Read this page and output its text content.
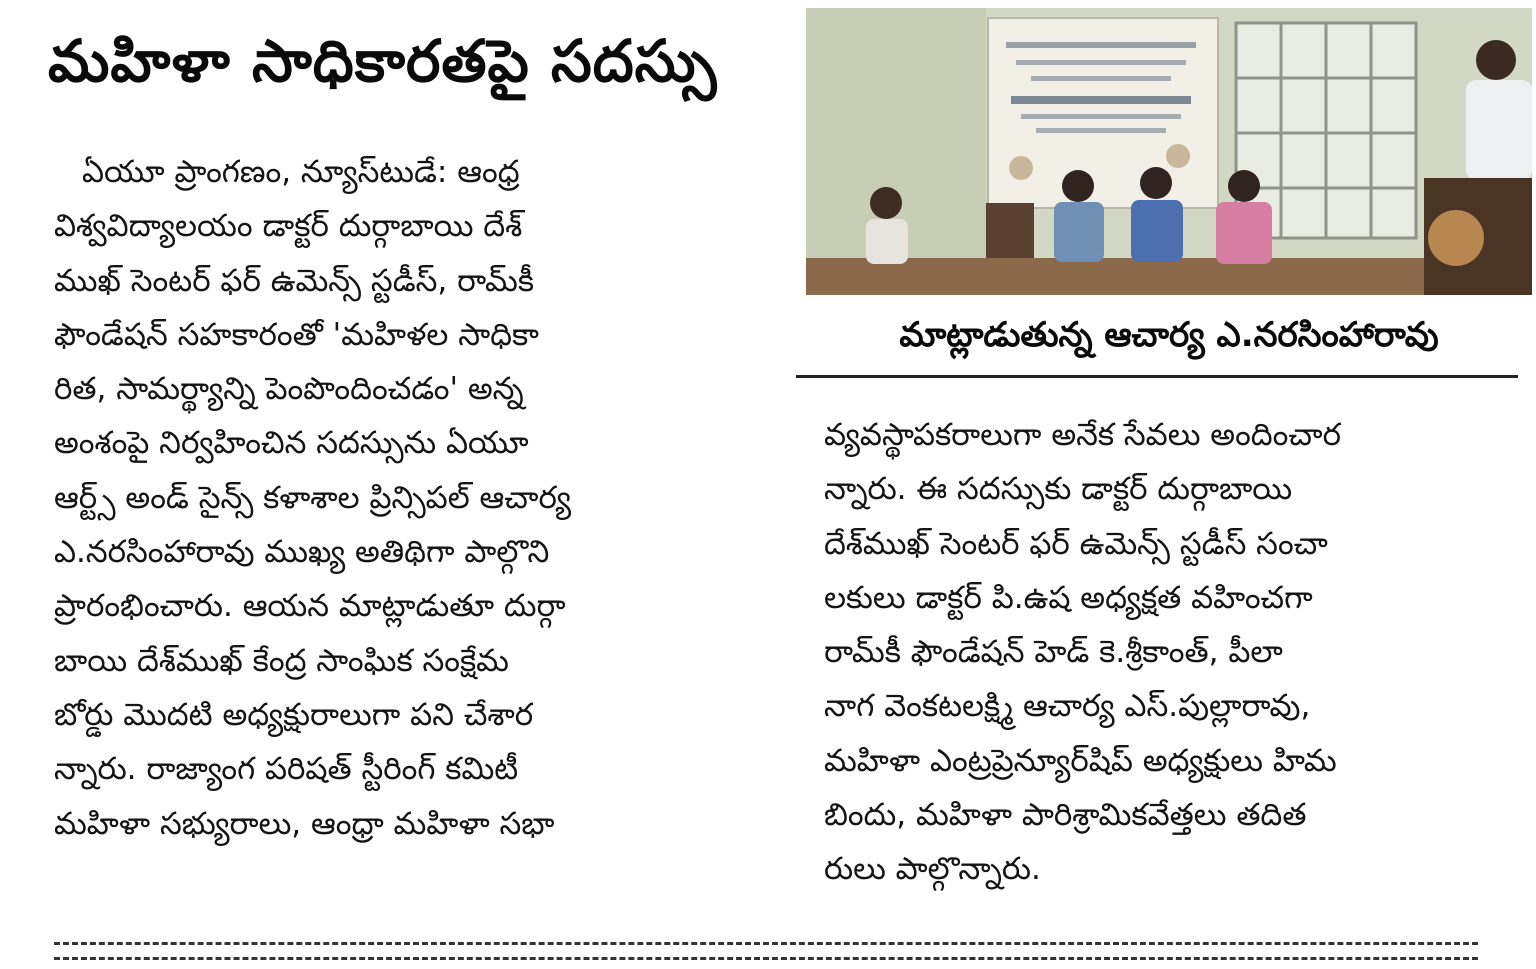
మహిళా సాధికారతపై సదస్సు
ఏయూ ప్రాంగణం, న్యూస్‌టుడే: ఆంధ్ర
విశ్వవిద్యాలయం డాక్టర్ దుర్గాబాయి దేశ్
ముఖ్ సెంటర్ ఫర్ ఉమెన్స్ స్టడీస్, రామ్‌కీ
ఫౌండేషన్ సహకారంతో 'మహిళల సాధికా
రిత, సామర్థ్యాన్ని పెంపొందించడం' అన్న
అంశంపై నిర్వహించిన సదస్సును ఏయూ
ఆర్ట్స్ అండ్ సైన్స్ కళాశాల ప్రిన్సిపల్ ఆచార్య
ఎ.నరసింహారావు ముఖ్య అతిథిగా పాల్గొని
ప్రారంభించారు. ఆయన మాట్లాడుతూ దుర్గా
బాయి దేశ్‌ముఖ్ కేంద్ర సాంఘిక సంక్షేమ
బోర్డు మొదటి అధ్యక్షురాలుగా పని చేశార
న్నారు. రాజ్యాంగ పరిషత్ స్టీరింగ్ కమిటీ
మహిళా సభ్యురాలు, ఆంధ్రా మహిళా సభా
మాట్లాడుతున్న ఆచార్య ఎ.నరసింహారావు
వ్యవస్థాపకరాలుగా అనేక సేవలు అందించార
న్నారు. ఈ సదస్సుకు డాక్టర్ దుర్గాబాయి
దేశ్‌ముఖ్ సెంటర్ ఫర్ ఉమెన్స్ స్టడీస్ సంచా
లకులు డాక్టర్ పి.ఉష అధ్యక్షత వహించగా
రామ్‌కీ ఫౌండేషన్ హెడ్ కె.శ్రీకాంత్, పీలా
నాగ వెంకటలక్ష్మి ఆచార్య ఎస్.పుల్లారావు,
మహిళా ఎంట్రప్రెన్యూర్‌షిప్ అధ్యక్షులు హిమ
బిందు, మహిళా పారిశ్రామికవేత్తలు తదిత
రులు పాల్గొన్నారు.
